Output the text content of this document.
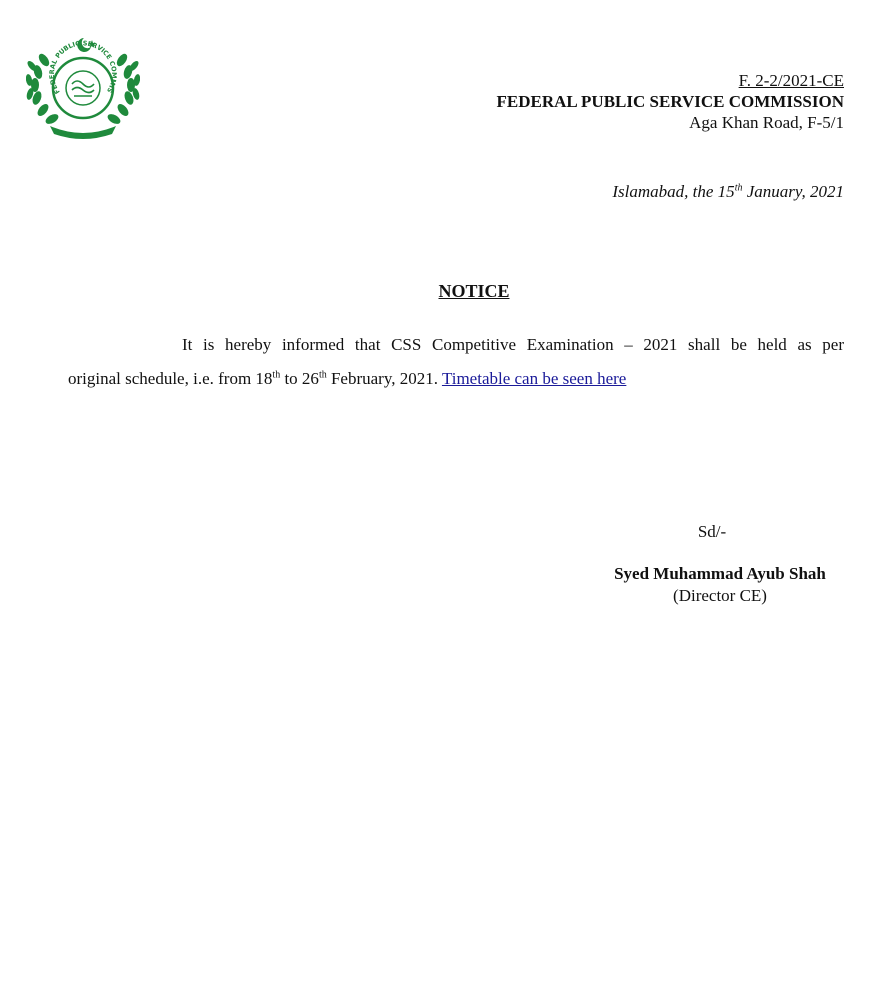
FEDERAL PUBLIC SERVICE COMMIS
F. 2-2/2021-CE
FEDERAL PUBLIC SERVICE COMMISSION
Aga Khan Road, F-5/1
Islamabad, the 15th January, 2021
NOTICE
It is hereby informed that CSS Competitive Examination – 2021 shall be held as per
original schedule, i.e. from 18th to 26th February, 2021. Timetable can be seen here
Sd/-
Syed Muhammad Ayub Shah
(Director CE)
